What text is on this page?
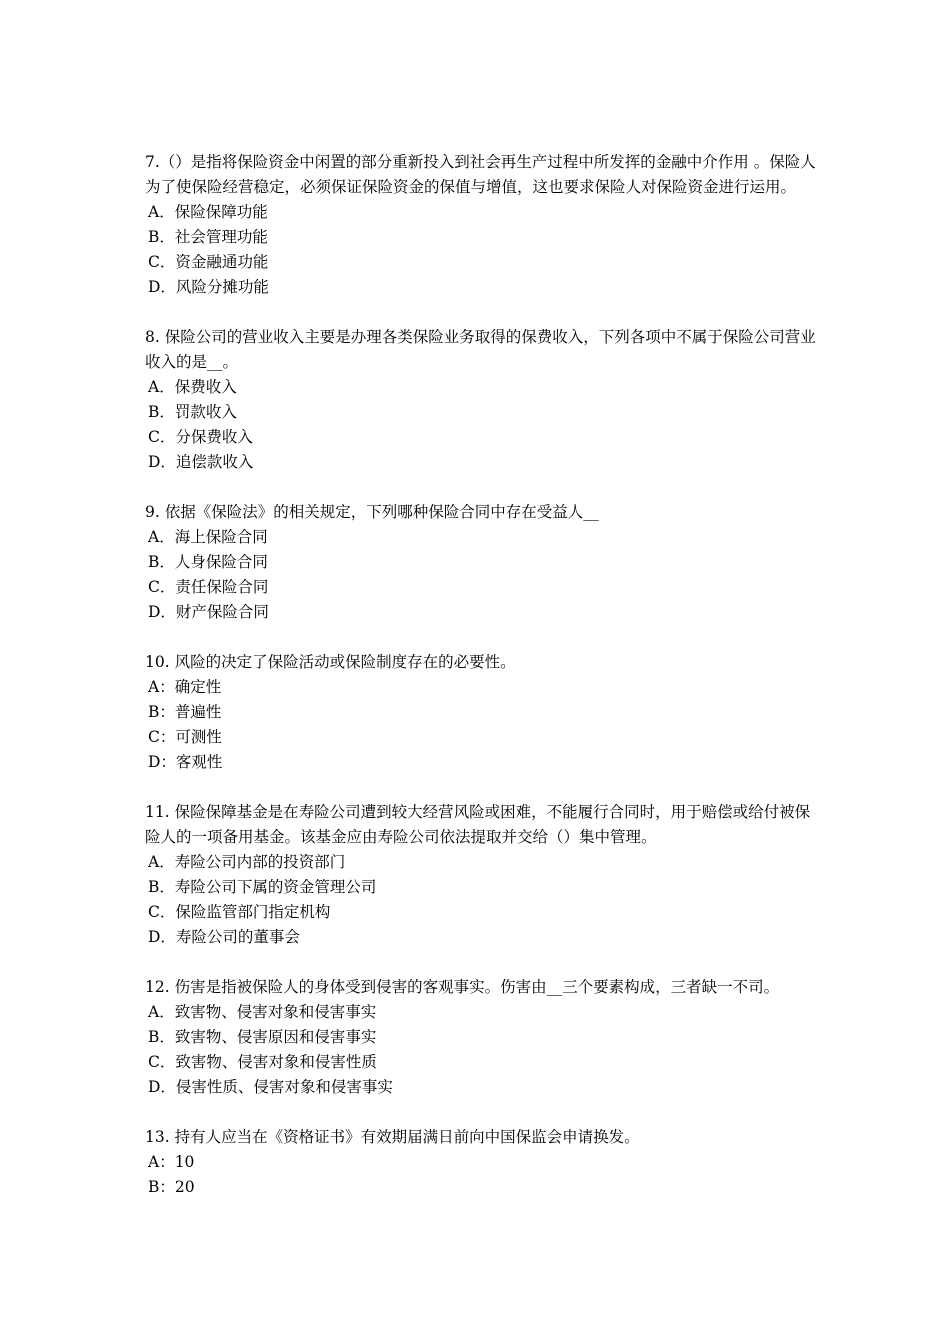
7.（）是指将保险资金中闲置的部分重新投入到社会再生产过程中所发挥的金融中介作用 。保险人为了使保险经营稳定，必须保证保险资金的保值与增值，这也要求保险人对保险资金进行运用。

A．保险保障功能
B．社会管理功能
C．资金融通功能
D．风险分摊功能

8. 保险公司的营业收入主要是办理各类保险业务取得的保费收入，下列各项中不属于保险公司营业收入的是__。

A．保费收入
B．罚款收入
C．分保费收入
D．追偿款收入

9. 依据《保险法》的相关规定，下列哪种保险合同中存在受益人__

A．海上保险合同
B．人身保险合同
C．责任保险合同
D．财产保险合同

10. 风险的决定了保险活动或保险制度存在的必要性。

A：确定性
B：普遍性
C：可测性
D：客观性

11. 保险保障基金是在寿险公司遭到较大经营风险或困难，不能履行合同时，用于赔偿或给付被保险人的一项备用基金。该基金应由寿险公司依法提取并交给（）集中管理。

A．寿险公司内部的投资部门
B．寿险公司下属的资金管理公司
C．保险监管部门指定机构
D．寿险公司的董事会

12. 伤害是指被保险人的身体受到侵害的客观事实。伤害由__三个要素构成，三者缺一不司。

A．致害物、侵害对象和侵害事实
B．致害物、侵害原因和侵害事实
C．致害物、侵害对象和侵害性质
D．侵害性质、侵害对象和侵害事实

13. 持有人应当在《资格证书》有效期届满日前向中国保监会申请换发。

A：10
B：20
